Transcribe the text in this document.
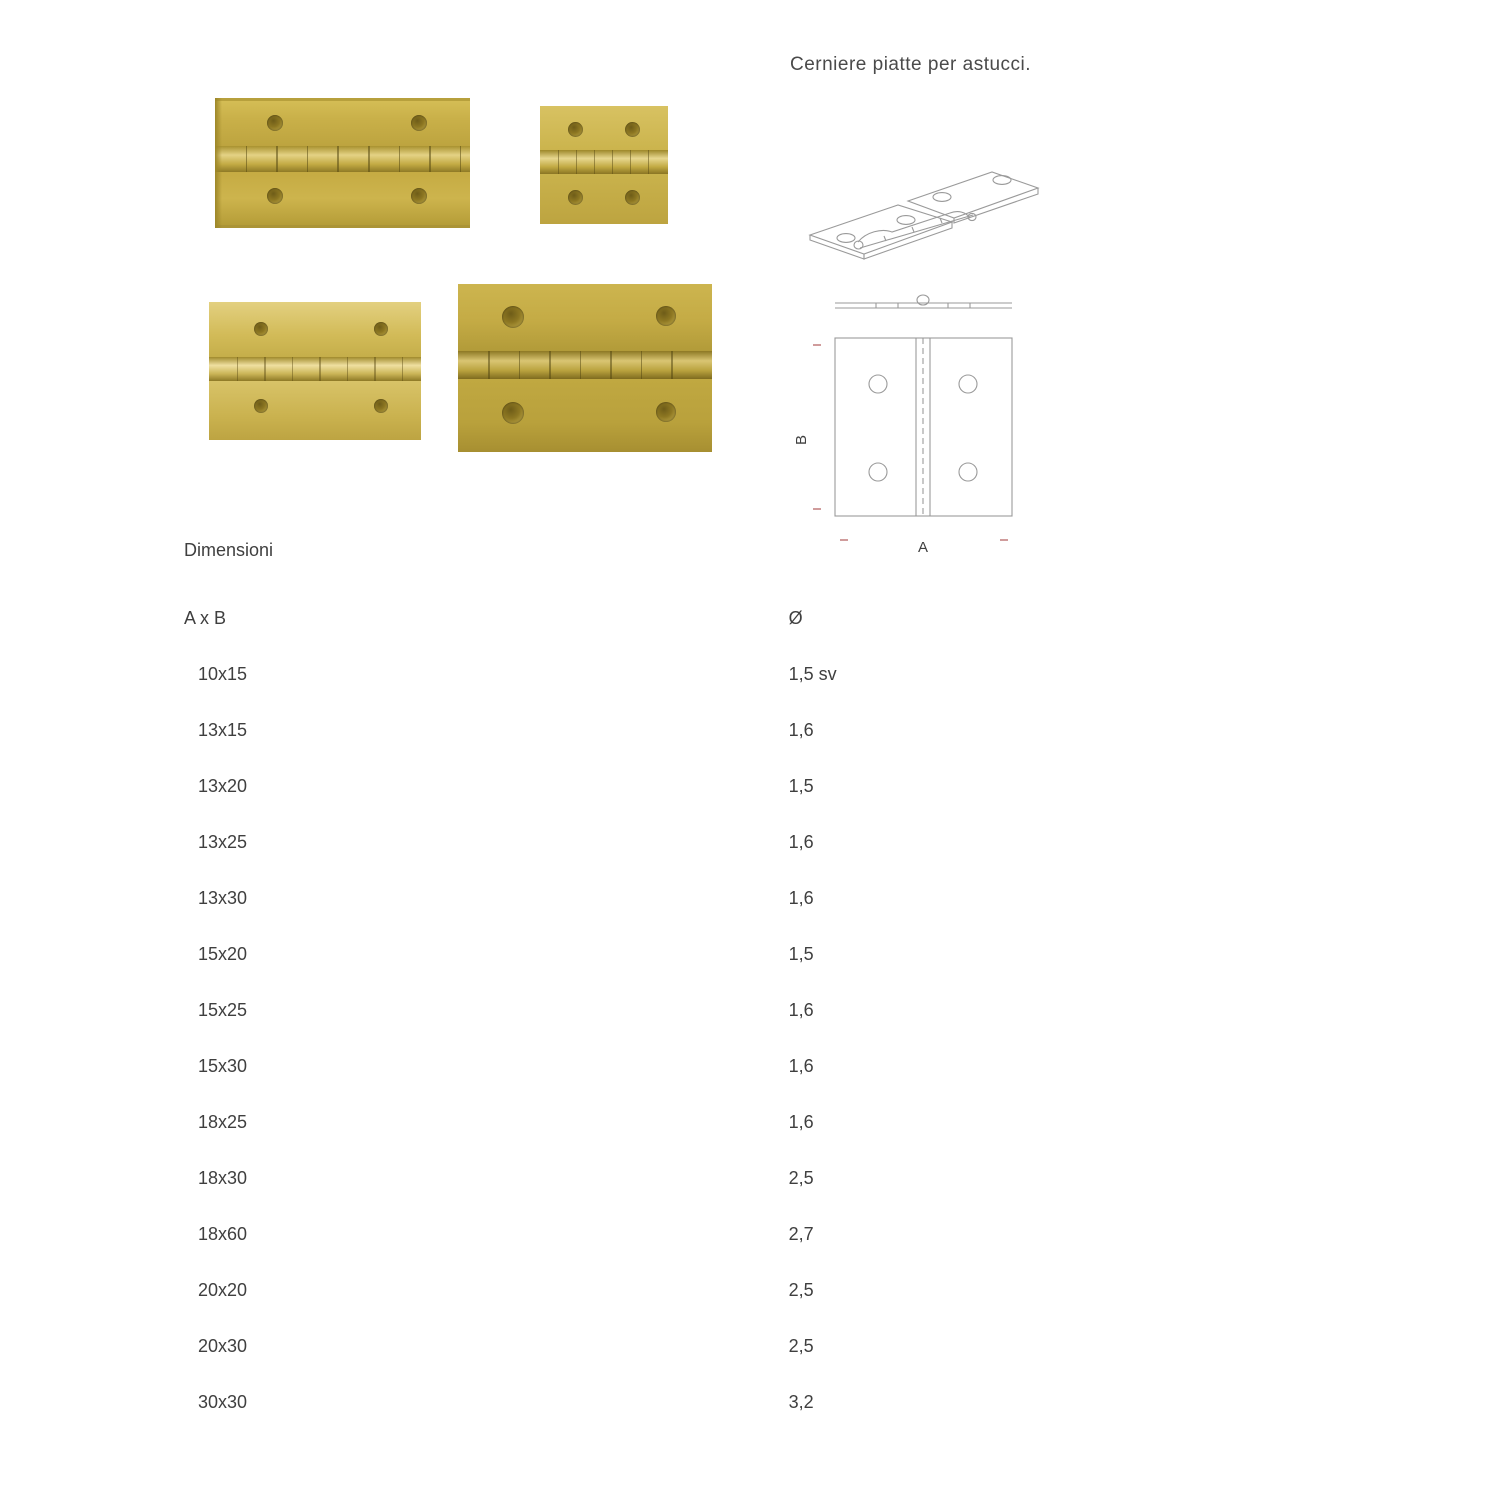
Cerniere piatte per astucci.
B
A
Dimensioni
A x B	Ø
10x15	1,5 sv
13x15	1,6
13x20	1,5
13x25	1,6
13x30	1,6
15x20	1,5
15x25	1,6
15x30	1,6
18x25	1,6
18x30	2,5
18x60	2,7
20x20	2,5
20x30	2,5
30x30	3,2
